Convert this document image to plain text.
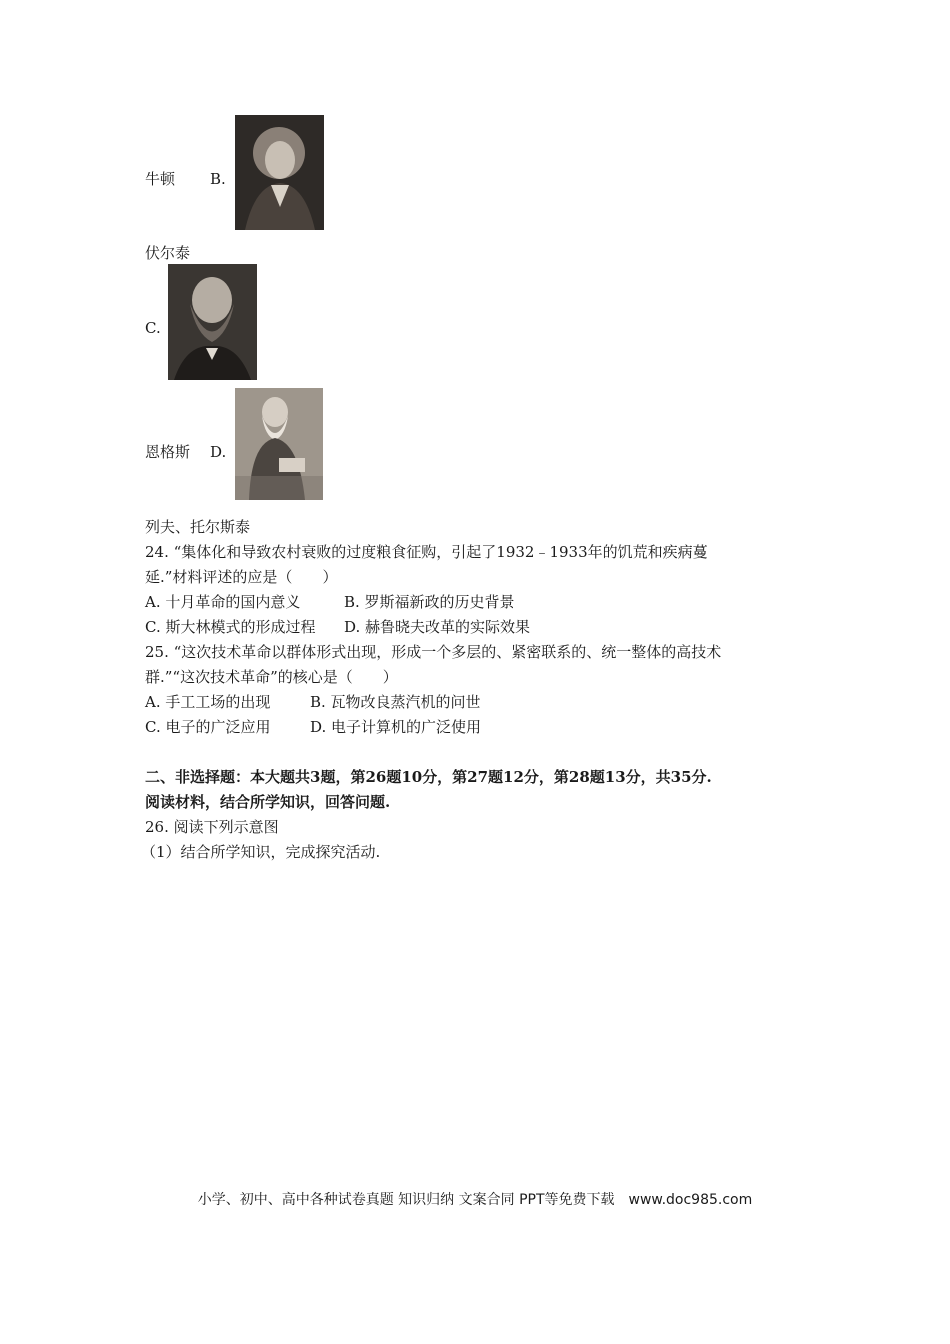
牛顿 B.
伏尔泰
C.
恩格斯 D.
列夫、托尔斯泰
24. “集体化和导致农村衰败的过度粮食征购，引起了1932﹣1933年的饥荒和疾病蔓
延.”材料评述的应是（　　）
A. 十月革命的国内意义	B. 罗斯福新政的历史背景
C. 斯大林模式的形成过程 D. 赫鲁晓夫改革的实际效果
25. “这次技术革命以群体形式出现，形成一个多层的、紧密联系的、统一整体的高技术
群.”“这次技术革命”的核心是（　　）
A. 手工工场的出现	B. 瓦物改良蒸汽机的问世
C. 电子的广泛应用	D. 电子计算机的广泛使用
二、非选择题：本大题共3题，第26题10分，第27题12分，第28题13分，共35分.
阅读材料，结合所学知识，回答问题.
26. 阅读下列示意图
（1）结合所学知识，完成探究活动.
小学、初中、高中各种试卷真题 知识归纳 文案合同 PPT等免费下载　www.doc985.com
